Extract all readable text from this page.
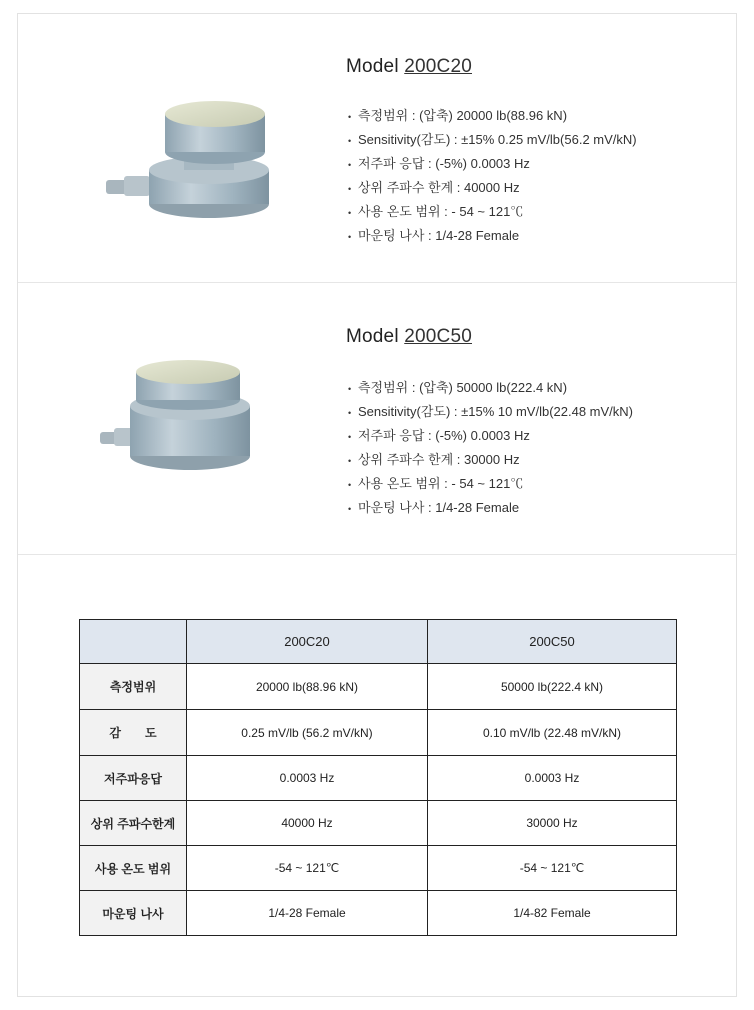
Model 200C20
• 측정범위 : (압축) 20000 lb(88.96 kN)
• Sensitivity(감도) : ±15% 0.25 mV/lb(56.2 mV/kN)
• 저주파 응답 : (-5%) 0.0003 Hz
• 상위 주파수 한계 : 40000 Hz
• 사용 온도 범위 : - 54 ~ 121℃
• 마운팅 나사 : 1/4-28 Female
Model 200C50
• 측정범위 : (압축) 50000 lb(222.4 kN)
• Sensitivity(감도) : ±15% 10 mV/lb(22.48 mV/kN)
• 저주파 응답 : (-5%) 0.0003 Hz
• 상위 주파수 한계 : 30000 Hz
• 사용 온도 범위 : - 54 ~ 121℃
• 마운팅 나사 : 1/4-28 Female
	200C20	200C50
측정범위	20000 lb(88.96 kN)	50000 lb(222.4 kN)
감　　도	0.25 mV/lb (56.2 mV/kN)	0.10 mV/lb (22.48 mV/kN)
저주파응답	0.0003 Hz	0.0003 Hz
상위 주파수한계	40000 Hz	30000 Hz
사용 온도 범위	-54 ~ 121℃	-54 ~ 121℃
마운팅 나사	1/4-28 Female	1/4-82 Female
